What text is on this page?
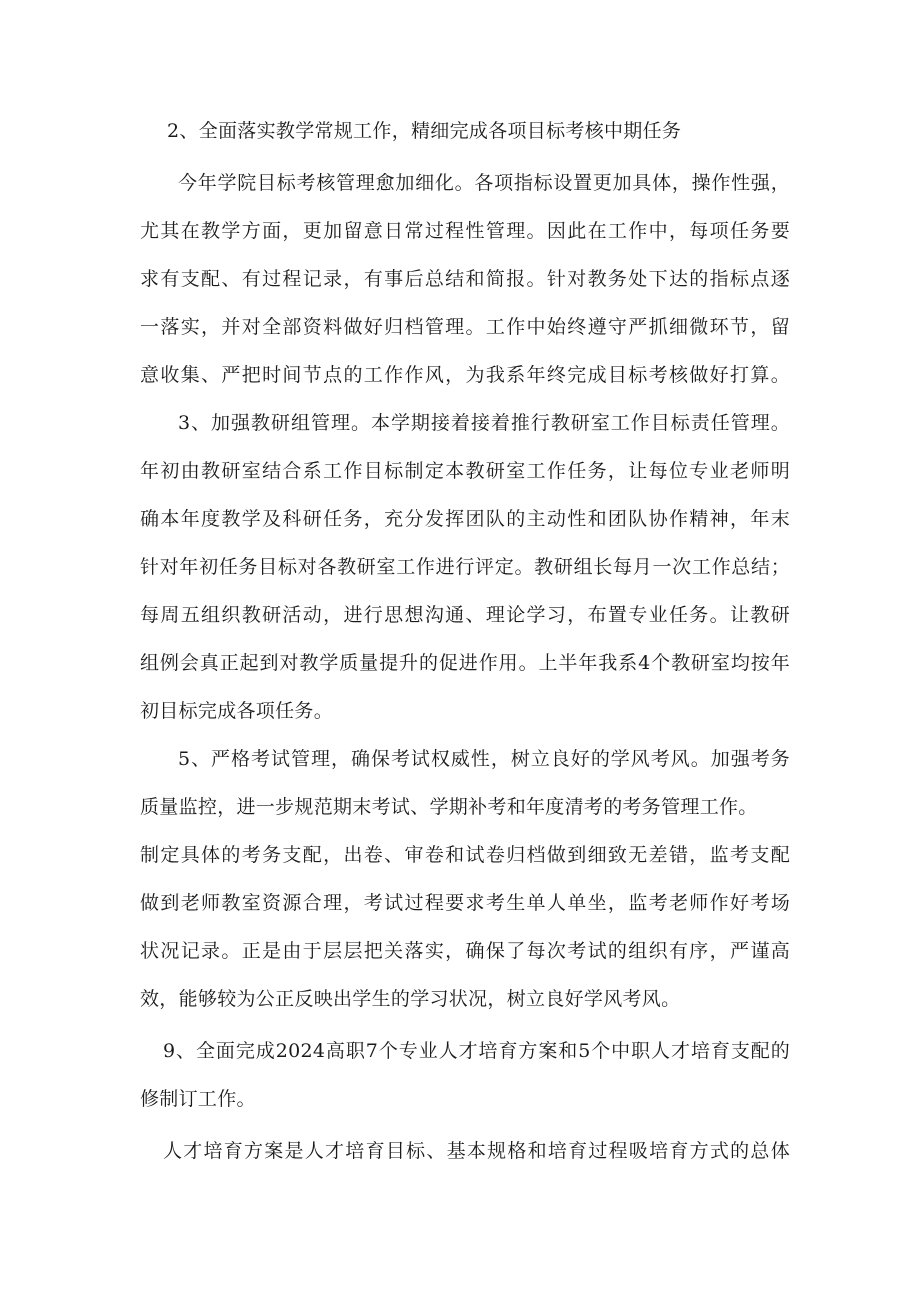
2、全面落实教学常规工作，精细完成各项目标考核中期任务
今年学院目标考核管理愈加细化。各项指标设置更加具体，操作性强，
尤其在教学方面，更加留意日常过程性管理。因此在工作中，每项任务要
求有支配、有过程记录，有事后总结和简报。针对教务处下达的指标点逐
一落实，并对全部资料做好归档管理。工作中始终遵守严抓细微环节，留
意收集、严把时间节点的工作作风，为我系年终完成目标考核做好打算。
3、加强教研组管理。本学期接着接着推行教研室工作目标责任管理。
年初由教研室结合系工作目标制定本教研室工作任务，让每位专业老师明
确本年度教学及科研任务，充分发挥团队的主动性和团队协作精神，年末
针对年初任务目标对各教研室工作进行评定。教研组长每月一次工作总结；
每周五组织教研活动，进行思想沟通、理论学习，布置专业任务。让教研
组例会真正起到对教学质量提升的促进作用。上半年我系4个教研室均按年
初目标完成各项任务。
5、严格考试管理，确保考试权威性，树立良好的学风考风。加强考务
质量监控，进一步规范期末考试、学期补考和年度清考的考务管理工作。
制定具体的考务支配，出卷、审卷和试卷归档做到细致无差错，监考支配
做到老师教室资源合理，考试过程要求考生单人单坐，监考老师作好考场
状况记录。正是由于层层把关落实，确保了每次考试的组织有序，严谨高
效，能够较为公正反映出学生的学习状况，树立良好学风考风。
9、全面完成2024高职7个专业人才培育方案和5个中职人才培育支配的
修制订工作。
人才培育方案是人才培育目标、基本规格和培育过程吸培育方式的总体
